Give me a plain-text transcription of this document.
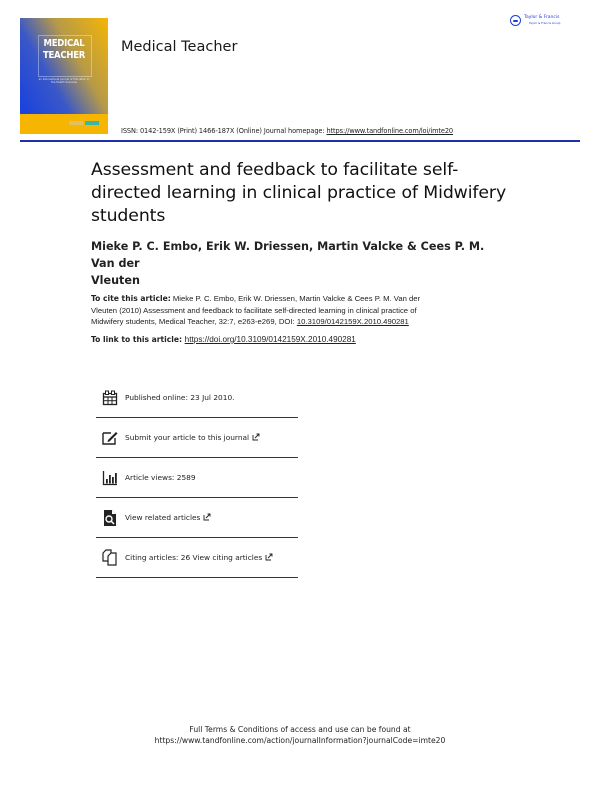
MEDICAL
TEACHER
an International Journal of Education in the Health Sciences
Medical Teacher
Taylor & Francis
Taylor & Francis Group
ISSN: 0142-159X (Print) 1466-187X (Online) Journal homepage: https://www.tandfonline.com/loi/imte20
Assessment and feedback to facilitate self-
directed learning in clinical practice of Midwifery
students
Mieke P. C. Embo, Erik W. Driessen, Martin Valcke & Cees P. M. Van der
Vleuten
To cite this article: Mieke P. C. Embo, Erik W. Driessen, Martin Valcke & Cees P. M. Van der
Vleuten (2010) Assessment and feedback to facilitate self-directed learning in clinical practice of
Midwifery students, Medical Teacher, 32:7, e263-e269, DOI: 10.3109/0142159X.2010.490281
To link to this article: https://doi.org/10.3109/0142159X.2010.490281
Published online: 23 Jul 2010.
Submit your article to this journal
Article views: 2589
View related articles
Citing articles: 26 View citing articles
Full Terms & Conditions of access and use can be found at
https://www.tandfonline.com/action/journalInformation?journalCode=imte20
